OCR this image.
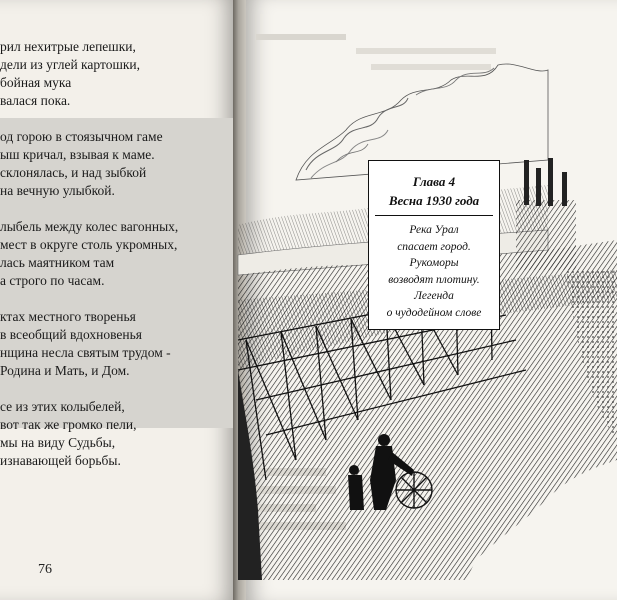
рил нехитрые лепешки,
дели из углей картошки,
бойная мука
валася пока.
од горою в стоязычном гаме
ыш кричал, взывая к маме.
склонялась, и над зыбкой
на вечную улыбкой.
лыбель между колес вагонных,
мест в округе столь укромных,
лась маятником там
а строго по часам.
ктах местного творенья
в всеобщий вдохновенья
нщина несла святым трудом -
Родина и Мать, и Дом.
се из этих колыбелей,
вот так же громко пели,
мы на виду Судьбы,
изнавающей борьбы.
76
Глава 4
Весна 1930 года
Река Урал
спасает город.
Рукоморы
возводят плотину.
Легенда
о чудодейном слове
